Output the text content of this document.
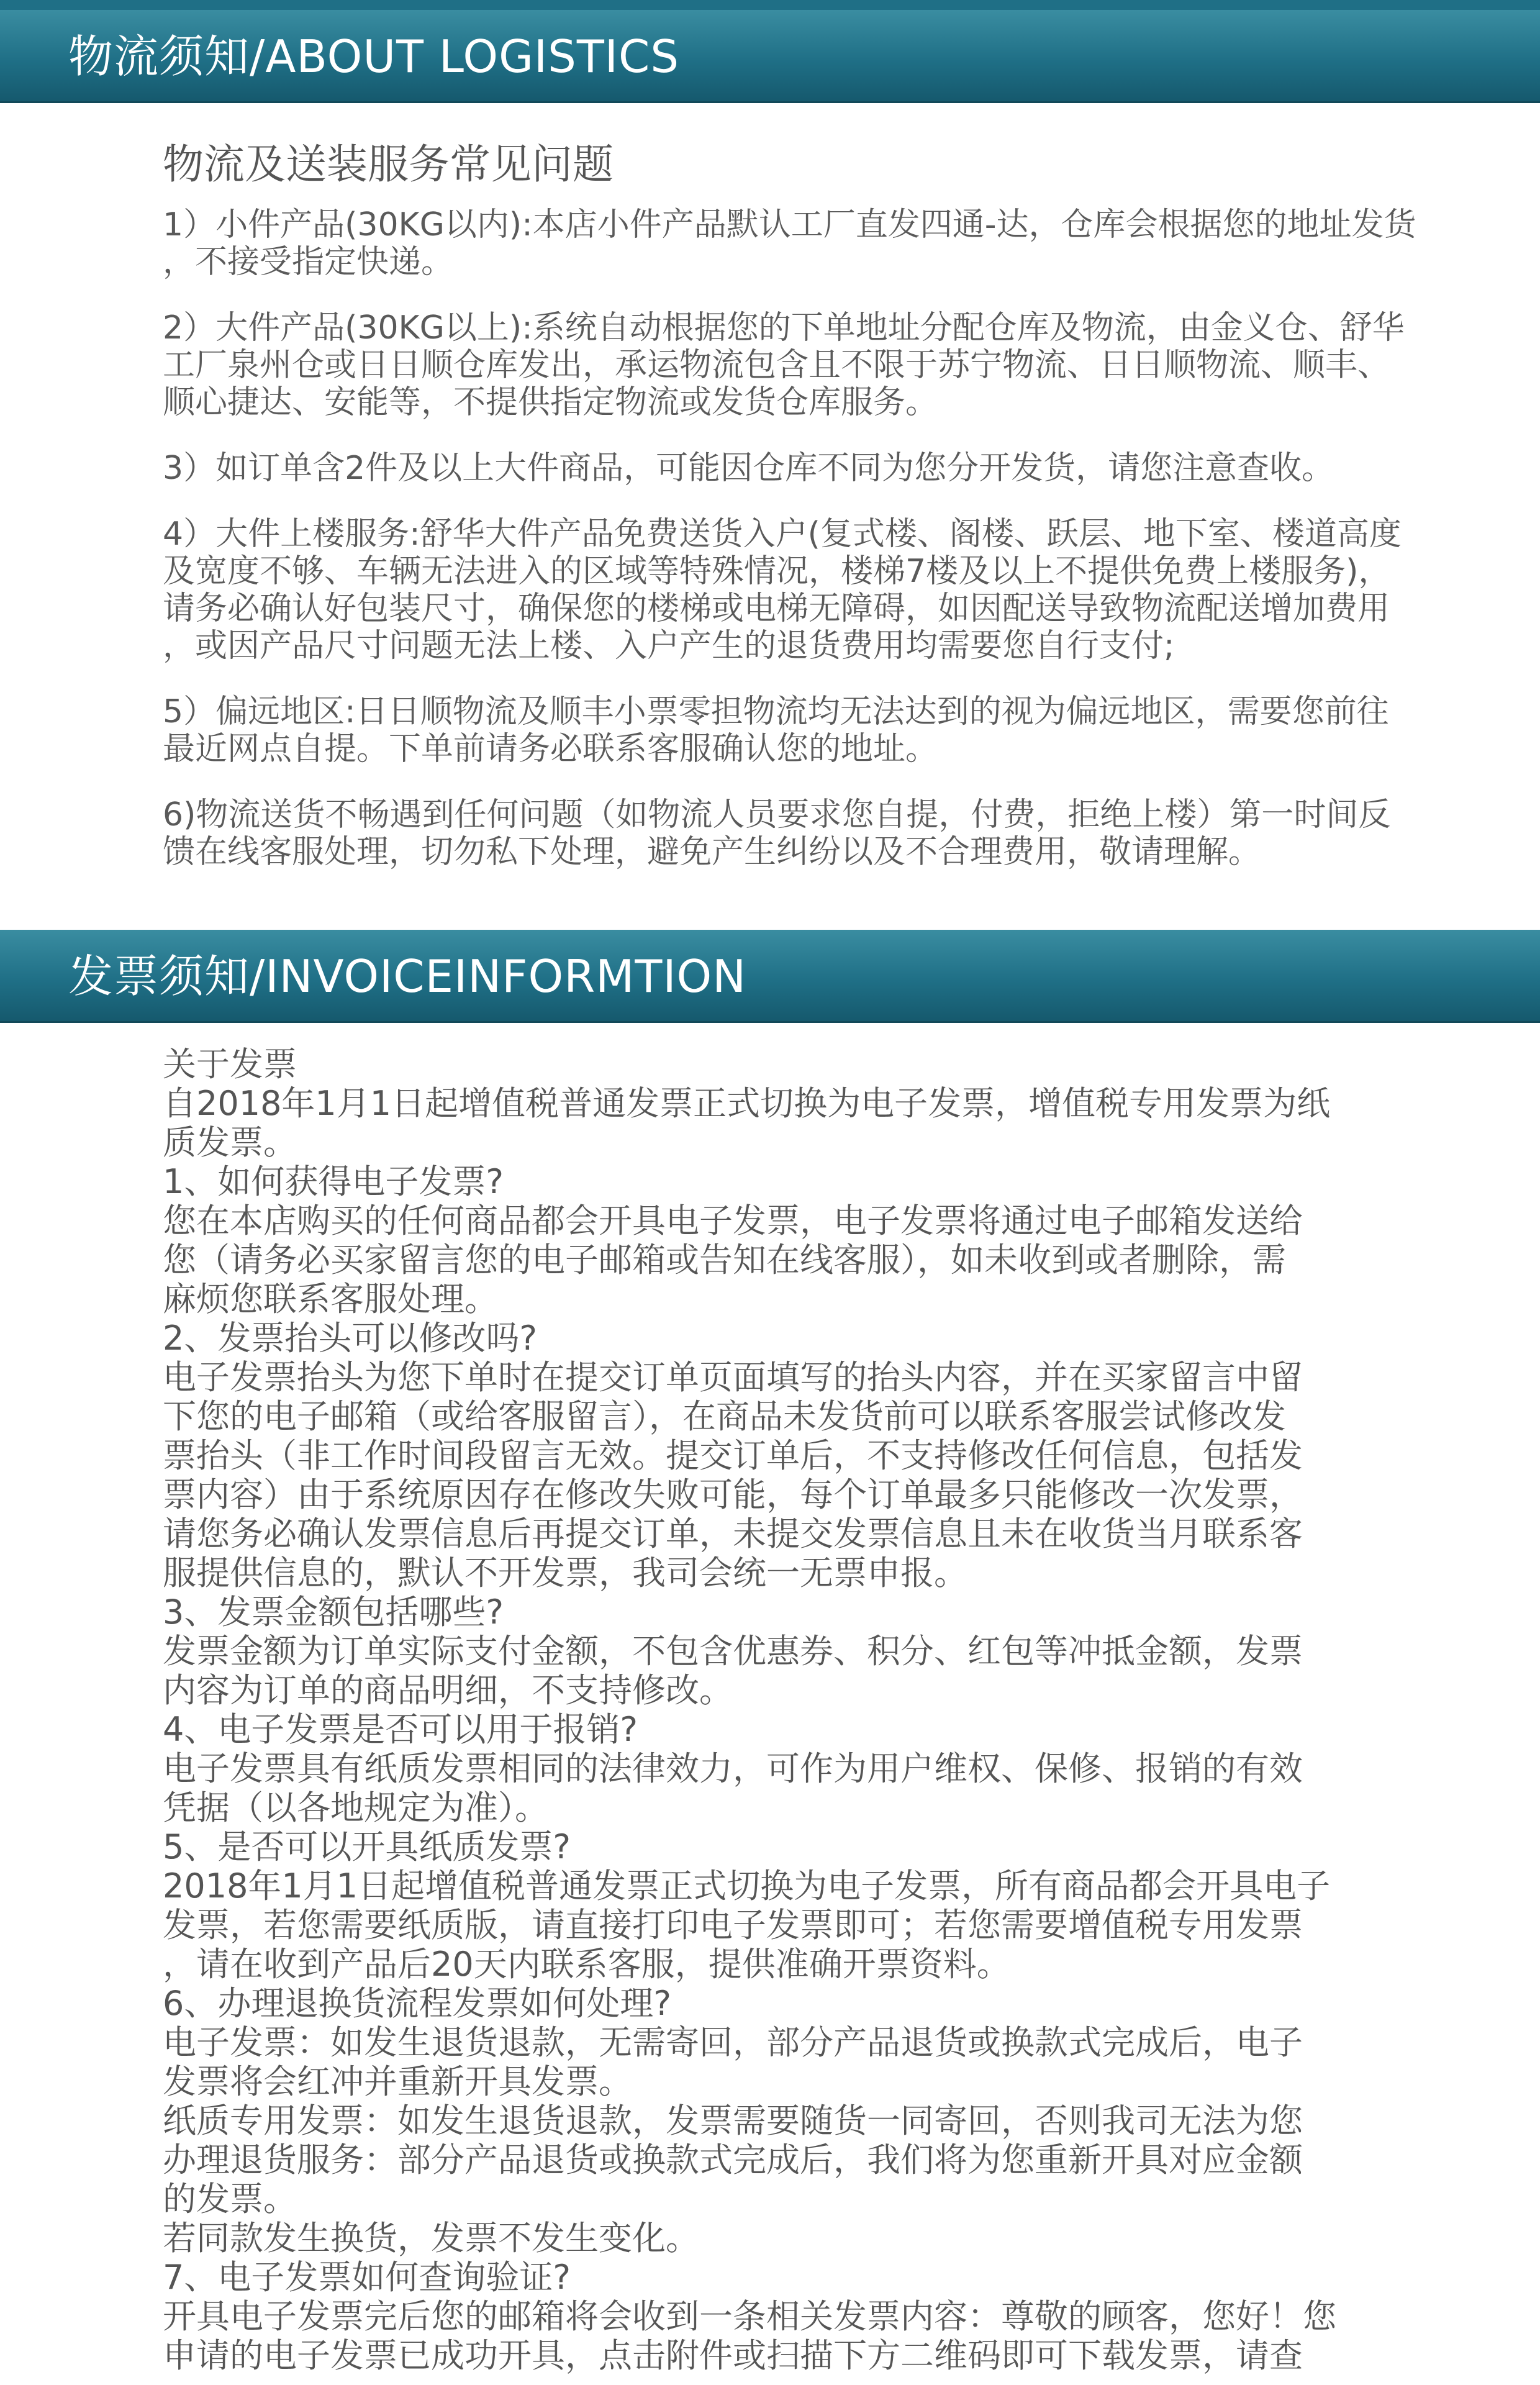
物流须知/ABOUT LOGISTICS
物流及送装服务常见问题
1）小件产品(30KG以内):本店小件产品默认工厂直发四通-达，仓库会根据您的地址发货
，不接受指定快递。
2）大件产品(30KG以上):系统自动根据您的下单地址分配仓库及物流，由金义仓、舒华
工厂泉州仓或日日顺仓库发出，承运物流包含且不限于苏宁物流、日日顺物流、顺丰、
顺心捷达、安能等，不提供指定物流或发货仓库服务。
3）如订单含2件及以上大件商品，可能因仓库不同为您分开发货，请您注意查收。
4）大件上楼服务:舒华大件产品免费送货入户(复式楼、阁楼、跃层、地下室、楼道高度
及宽度不够、车辆无法进入的区域等特殊情况，楼梯7楼及以上不提供免费上楼服务)，
请务必确认好包装尺寸，确保您的楼梯或电梯无障碍，如因配送导致物流配送增加费用
，或因产品尺寸问题无法上楼、入户产生的退货费用均需要您自行支付;
5）偏远地区:日日顺物流及顺丰小票零担物流均无法达到的视为偏远地区，需要您前往
最近网点自提。下单前请务必联系客服确认您的地址。
6)物流送货不畅遇到任何问题（如物流人员要求您自提，付费，拒绝上楼）第一时间反
馈在线客服处理，切勿私下处理，避免产生纠纷以及不合理费用，敬请理解。
发票须知/INVOICEINFORMTION
关于发票
自2018年1月1日起增值税普通发票正式切换为电子发票，增值税专用发票为纸
质发票。
1、如何获得电子发票?
您在本店购买的任何商品都会开具电子发票，电子发票将通过电子邮箱发送给
您（请务必买家留言您的电子邮箱或告知在线客服），如未收到或者删除，需
麻烦您联系客服处理。
2、发票抬头可以修改吗?
电子发票抬头为您下单时在提交订单页面填写的抬头内容，并在买家留言中留
下您的电子邮箱（或给客服留言），在商品未发货前可以联系客服尝试修改发
票抬头（非工作时间段留言无效。提交订单后，不支持修改任何信息，包括发
票内容）由于系统原因存在修改失败可能，每个订单最多只能修改一次发票，
请您务必确认发票信息后再提交订单，未提交发票信息且未在收货当月联系客
服提供信息的，默认不开发票，我司会统一无票申报。
3、发票金额包括哪些?
发票金额为订单实际支付金额，不包含优惠券、积分、红包等冲抵金额，发票
内容为订单的商品明细，不支持修改。
4、电子发票是否可以用于报销?
电子发票具有纸质发票相同的法律效力，可作为用户维权、保修、报销的有效
凭据（以各地规定为准）。
5、是否可以开具纸质发票?
2018年1月1日起增值税普通发票正式切换为电子发票，所有商品都会开具电子
发票，若您需要纸质版，请直接打印电子发票即可；若您需要增值税专用发票
，请在收到产品后20天内联系客服，提供准确开票资料。
6、办理退换货流程发票如何处理?
电子发票：如发生退货退款，无需寄回，部分产品退货或换款式完成后，电子
发票将会红冲并重新开具发票。
纸质专用发票：如发生退货退款，发票需要随货一同寄回，否则我司无法为您
办理退货服务：部分产品退货或换款式完成后，我们将为您重新开具对应金额
的发票。
若同款发生换货，发票不发生变化。
7、电子发票如何查询验证?
开具电子发票完后您的邮箱将会收到一条相关发票内容：尊敬的顾客，您好！您
申请的电子发票已成功开具，点击附件或扫描下方二维码即可下载发票，请查
